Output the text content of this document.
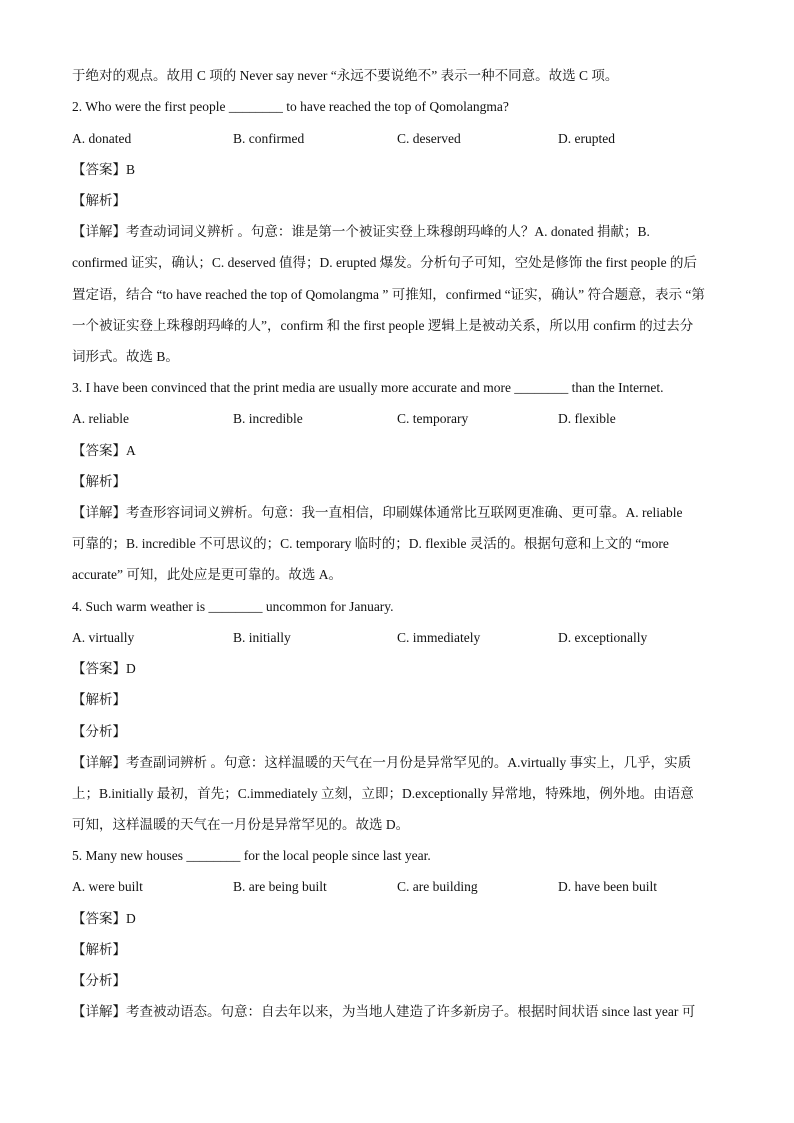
于绝对的观点。故用 C 项的 Never say never “永远不要说绝不” 表示一种不同意。故选 C 项。
2. Who were the first people ________ to have reached the top of Qomolangma?
A. donated	B. confirmed	C. deserved	D. erupted
【答案】B
【解析】
【详解】考查动词词义辨析 。句意：谁是第一个被证实登上珠穆朗玛峰的人？A. donated 捐献；B.
confirmed 证实，确认；C. deserved 值得；D. erupted 爆发。分析句子可知，空处是修饰 the first people 的后
置定语，结合 “to have reached the top of Qomolangma ” 可推知，confirmed “证实，确认” 符合题意，表示 “第
一个被证实登上珠穆朗玛峰的人”，confirm 和 the first people 逻辑上是被动关系，所以用 confirm 的过去分
词形式。故选 B。
3. I have been convinced that the print media are usually more accurate and more ________ than the Internet.
A. reliable	B. incredible	C. temporary	D. flexible
【答案】A
【解析】
【详解】考查形容词词义辨析。句意：我一直相信，印刷媒体通常比互联网更准确、更可靠。A. reliable
可靠的；B. incredible 不可思议的；C. temporary 临时的；D. flexible 灵活的。根据句意和上文的 “more
accurate” 可知，此处应是更可靠的。故选 A。
4. Such warm weather is ________ uncommon for January.
A. virtually	B. initially	C. immediately	D. exceptionally
【答案】D
【解析】
【分析】
【详解】考查副词辨析 。句意：这样温暖的天气在一月份是异常罕见的。A.virtually 事实上，几乎，实质
上；B.initially 最初，首先；C.immediately 立刻，立即；D.exceptionally 异常地，特殊地，例外地。由语意
可知，这样温暖的天气在一月份是异常罕见的。故选 D。
5. Many new houses ________ for the local people since last year.
A. were built	B. are being built	C. are building	D. have been built
【答案】D
【解析】
【分析】
【详解】考查被动语态。句意：自去年以来，为当地人建造了许多新房子。根据时间状语 since last year 可
